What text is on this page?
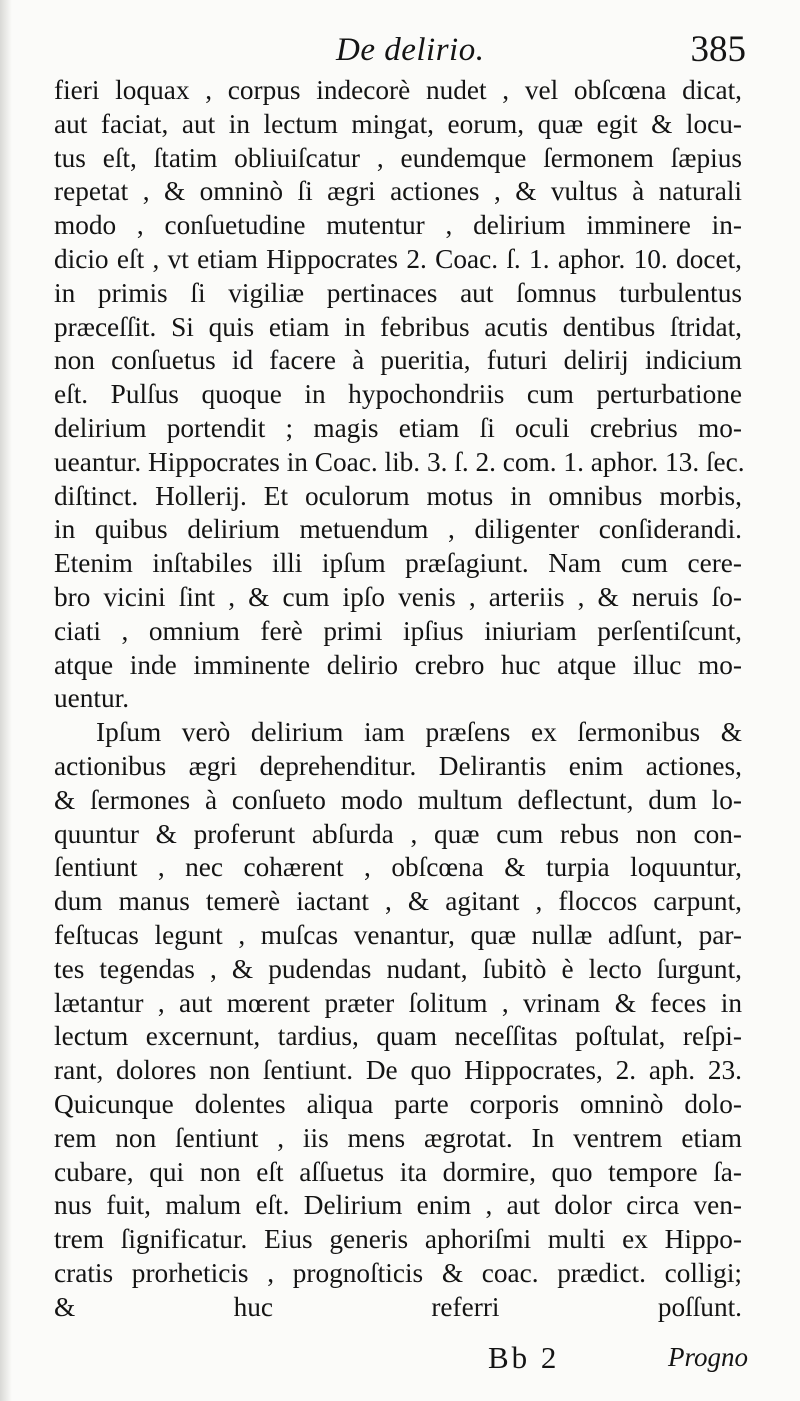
De delirio.	385
fieri loquax , corpus indecorè nudet , vel obſcœna dicat,
aut faciat, aut in lectum mingat, eorum, quæ egit & locu-
tus eſt, ſtatim obliuiſcatur , eundemque ſermonem ſæpius
repetat , & omninò ſi ægri actiones , & vultus à naturali
modo , conſuetudine mutentur , delirium imminere in-
dicio eſt , vt etiam Hippocrates 2. Coac. ſ. 1. aphor. 10. docet,
in primis ſi vigiliæ pertinaces aut ſomnus turbulentus
præceſſit. Si quis etiam in febribus acutis dentibus ſtridat,
non conſuetus id facere à pueritia, futuri delirij indicium
eſt. Pulſus quoque in hypochondriis cum perturbatione
delirium portendit ; magis etiam ſi oculi crebrius mo-
ueantur. Hippocrates in Coac. lib. 3. ſ. 2. com. 1. aphor. 13. ſec.
diſtinct. Hollerij. Et oculorum motus in omnibus morbis,
in quibus delirium metuendum , diligenter conſiderandi.
Etenim inſtabiles illi ipſum præſagiunt. Nam cum cere-
bro vicini ſint , & cum ipſo venis , arteriis , & neruis ſo-
ciati , omnium ferè primi ipſius iniuriam perſentiſcunt,
atque inde imminente delirio crebro huc atque illuc mo-
uentur.
Ipſum verò delirium iam præſens ex ſermonibus &
actionibus ægri deprehenditur. Delirantis enim actiones,
& ſermones à conſueto modo multum deflectunt, dum lo-
quuntur & proferunt abſurda , quæ cum rebus non con-
ſentiunt , nec cohærent , obſcœna & turpia loquuntur,
dum manus temerè iactant , & agitant , floccos carpunt,
feſtucas legunt , muſcas venantur, quæ nullæ adſunt, par-
tes tegendas , & pudendas nudant, ſubitò è lecto ſurgunt,
lætantur , aut mœrent præter ſolitum , vrinam & feces in
lectum excernunt, tardius, quam neceſſitas poſtulat, reſpi-
rant, dolores non ſentiunt. De quo Hippocrates, 2. aph. 23.
Quicunque dolentes aliqua parte corporis omninò dolo-
rem non ſentiunt , iis mens ægrotat. In ventrem etiam
cubare, qui non eſt aſſuetus ita dormire, quo tempore ſa-
nus fuit, malum eſt. Delirium enim , aut dolor circa ven-
trem ſignificatur. Eius generis aphoriſmi multi ex Hippo-
cratis prorheticis , prognoſticis & coac. prædict. colligi;
& huc referri poſſunt.
Bb 2	Progno
